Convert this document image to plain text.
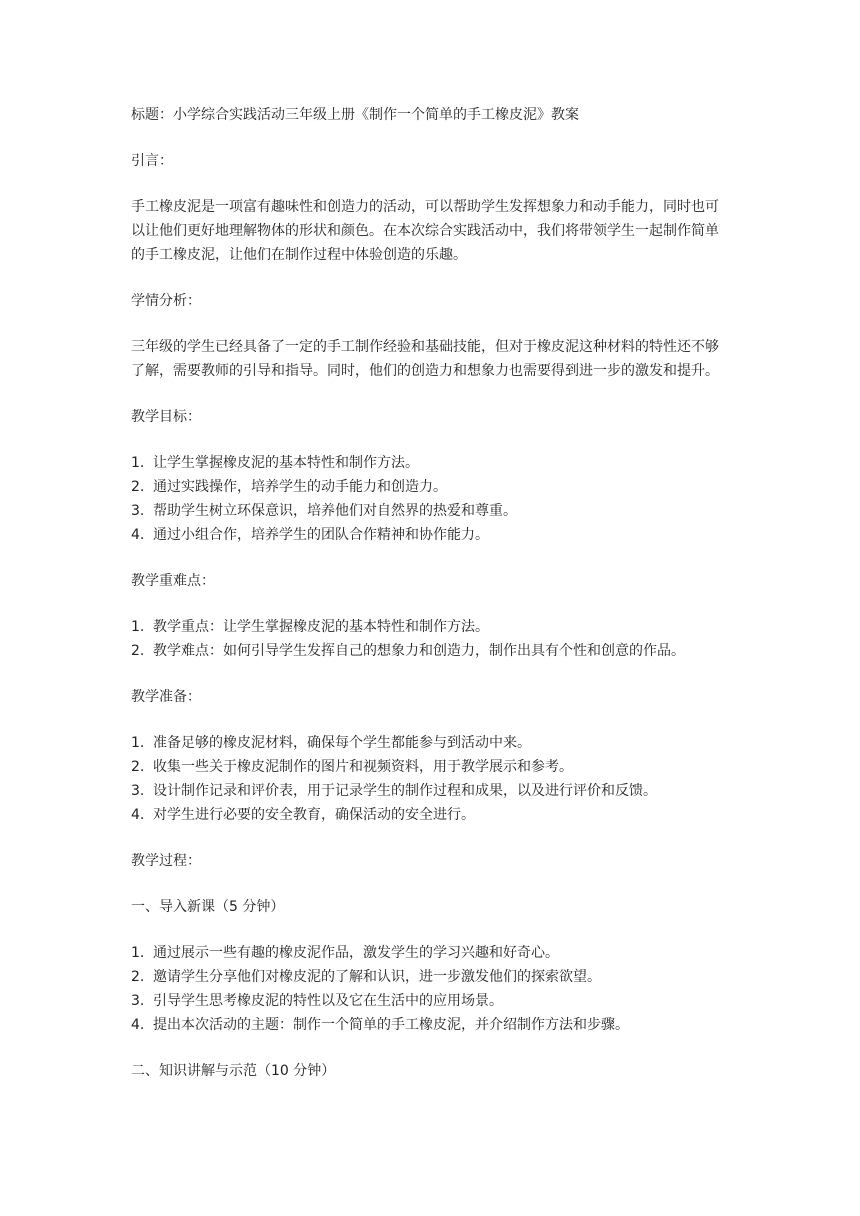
标题：小学综合实践活动三年级上册《制作一个简单的手工橡皮泥》教案

引言：

手工橡皮泥是一项富有趣味性和创造力的活动，可以帮助学生发挥想象力和动手能力，同时也可以让他们更好地理解物体的形状和颜色。在本次综合实践活动中，我们将带领学生一起制作简单的手工橡皮泥，让他们在制作过程中体验创造的乐趣。

学情分析：

三年级的学生已经具备了一定的手工制作经验和基础技能，但对于橡皮泥这种材料的特性还不够了解，需要教师的引导和指导。同时，他们的创造力和想象力也需要得到进一步的激发和提升。

教学目标：

1. 让学生掌握橡皮泥的基本特性和制作方法。
2. 通过实践操作，培养学生的动手能力和创造力。
3. 帮助学生树立环保意识，培养他们对自然界的热爱和尊重。
4. 通过小组合作，培养学生的团队合作精神和协作能力。

教学重难点：

1. 教学重点：让学生掌握橡皮泥的基本特性和制作方法。
2. 教学难点：如何引导学生发挥自己的想象力和创造力，制作出具有个性和创意的作品。

教学准备：

1. 准备足够的橡皮泥材料，确保每个学生都能参与到活动中来。
2. 收集一些关于橡皮泥制作的图片和视频资料，用于教学展示和参考。
3. 设计制作记录和评价表，用于记录学生的制作过程和成果，以及进行评价和反馈。
4. 对学生进行必要的安全教育，确保活动的安全进行。

教学过程：

一、导入新课（5 分钟）

1. 通过展示一些有趣的橡皮泥作品，激发学生的学习兴趣和好奇心。
2. 邀请学生分享他们对橡皮泥的了解和认识，进一步激发他们的探索欲望。
3. 引导学生思考橡皮泥的特性以及它在生活中的应用场景。
4. 提出本次活动的主题：制作一个简单的手工橡皮泥，并介绍制作方法和步骤。

二、知识讲解与示范（10 分钟）
